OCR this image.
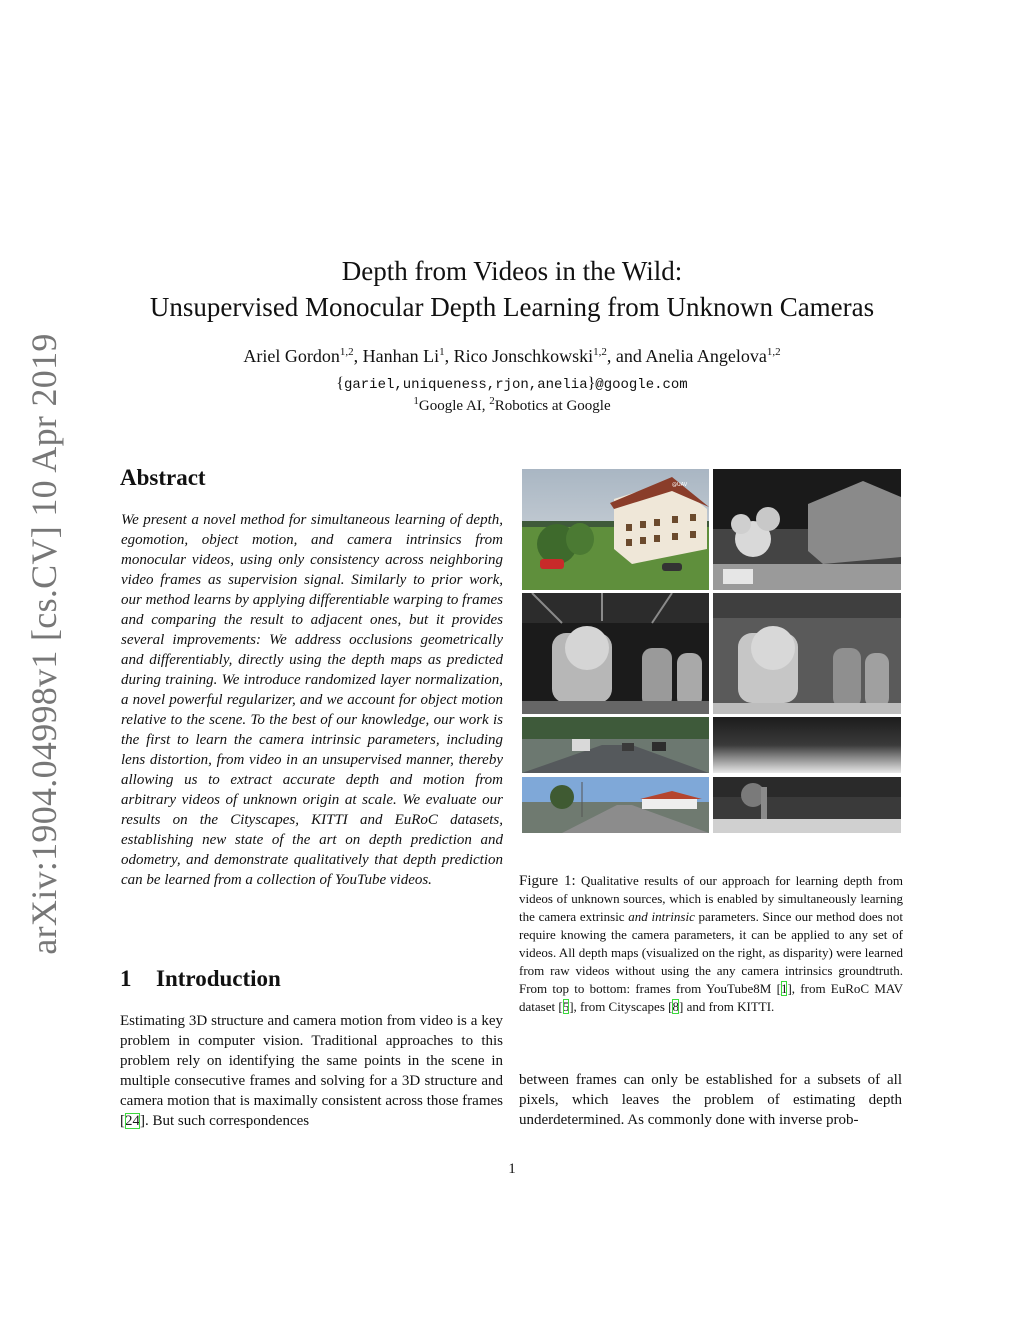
arXiv:1904.04998v1 [cs.CV] 10 Apr 2019
Depth from Videos in the Wild:
Unsupervised Monocular Depth Learning from Unknown Cameras
Ariel Gordon$^{1,2}$, Hanhan Li$^1$, Rico Jonschkowski$^{1,2}$, and Anelia Angelova$^{1,2}$
{gariel,uniqueness,rjon,anelia}@google.com
$^1$Google AI, $^2$Robotics at Google
Abstract
We present a novel method for simultaneous learning of depth, egomotion, object motion, and camera intrinsics from monocular videos, using only consistency across neighboring video frames as supervision signal. Similarly to prior work, our method learns by applying differentiable warping to frames and comparing the result to adjacent ones, but it provides several improvements: We address occlusions geometrically and differentiably, directly using the depth maps as predicted during training. We introduce randomized layer normalization, a novel powerful regularizer, and we account for object motion relative to the scene. To the best of our knowledge, our work is the first to learn the camera intrinsic parameters, including lens distortion, from video in an unsupervised manner, thereby allowing us to extract accurate depth and motion from arbitrary videos of unknown origin at scale. We evaluate our results on the Cityscapes, KITTI and EuRoC datasets, establishing new state of the art on depth prediction and odometry, and demonstrate qualitatively that depth prediction can be learned from a collection of YouTube videos.
1 Introduction
Estimating 3D structure and camera motion from video is a key problem in computer vision. Traditional approaches to this problem rely on identifying the same points in the scene in multiple consecutive frames and solving for a 3D structure and camera motion that is maximally consistent across those frames [24]. But such correspondences
between frames can only be established for a subsets of all pixels, which leaves the problem of estimating depth underdetermined. As commonly done with inverse prob-
@UAV
Figure 1: Qualitative results of our approach for learning depth from videos of unknown sources, which is enabled by simultaneously learning the camera extrinsic and intrinsic parameters. Since our method does not require knowing the camera parameters, it can be applied to any set of videos. All depth maps (visualized on the right, as disparity) were learned from raw videos without using the any camera intrinsics groundtruth. From top to bottom: frames from YouTube8M [1], from EuRoC MAV dataset [5], from Cityscapes [8] and from KITTI.
1
